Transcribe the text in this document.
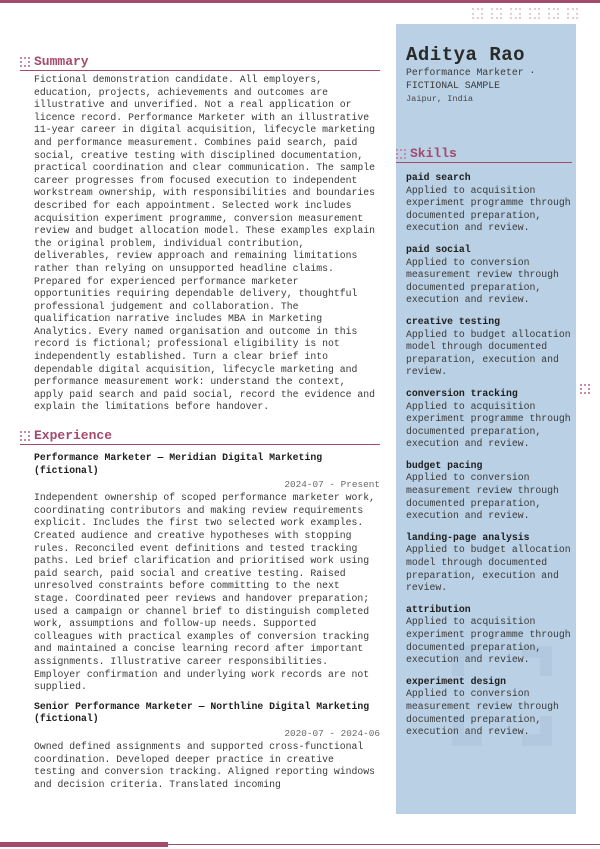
Summary
Fictional demonstration candidate. All employers, education, projects, achievements and outcomes are illustrative and unverified. Not a real application or licence record. Performance Marketer with an illustrative 11-year career in digital acquisition, lifecycle marketing and performance measurement. Combines paid search, paid social, creative testing with disciplined documentation, practical coordination and clear communication. The sample career progresses from focused execution to independent workstream ownership, with responsibilities and boundaries described for each appointment. Selected work includes acquisition experiment programme, conversion measurement review and budget allocation model. These examples explain the original problem, individual contribution, deliverables, review approach and remaining limitations rather than relying on unsupported headline claims. Prepared for experienced performance marketer opportunities requiring dependable delivery, thoughtful professional judgement and collaboration. The qualification narrative includes MBA in Marketing Analytics. Every named organisation and outcome in this record is fictional; professional eligibility is not independently established. Turn a clear brief into dependable digital acquisition, lifecycle marketing and performance measurement work: understand the context, apply paid search and paid social, record the evidence and explain the limitations before handover.
Experience
Performance Marketer — Meridian Digital Marketing (fictional)
2024-07 - Present
Independent ownership of scoped performance marketer work, coordinating contributors and making review requirements explicit. Includes the first two selected work examples. Created audience and creative hypotheses with stopping rules. Reconciled event definitions and tested tracking paths. Led brief clarification and prioritised work using paid search, paid social and creative testing. Raised unresolved constraints before committing to the next stage. Coordinated peer reviews and handover preparation; used a campaign or channel brief to distinguish completed work, assumptions and follow-up needs. Supported colleagues with practical examples of conversion tracking and maintained a concise learning record after important assignments. Illustrative career responsibilities. Employer confirmation and underlying work records are not supplied.
Senior Performance Marketer — Northline Digital Marketing (fictional)
2020-07 - 2024-06
Owned defined assignments and supported cross-functional coordination. Developed deeper practice in creative testing and conversion tracking. Aligned reporting windows and decision criteria. Translated incoming
Aditya Rao
Performance Marketer · FICTIONAL SAMPLE
Jaipur, India
Skills
paid search
Applied to acquisition experiment programme through documented preparation, execution and review.
paid social
Applied to conversion measurement review through documented preparation, execution and review.
creative testing
Applied to budget allocation model through documented preparation, execution and review.
conversion tracking
Applied to acquisition experiment programme through documented preparation, execution and review.
budget pacing
Applied to conversion measurement review through documented preparation, execution and review.
landing-page analysis
Applied to budget allocation model through documented preparation, execution and review.
attribution
Applied to acquisition experiment programme through documented preparation, execution and review.
experiment design
Applied to conversion measurement review through documented preparation, execution and review.
